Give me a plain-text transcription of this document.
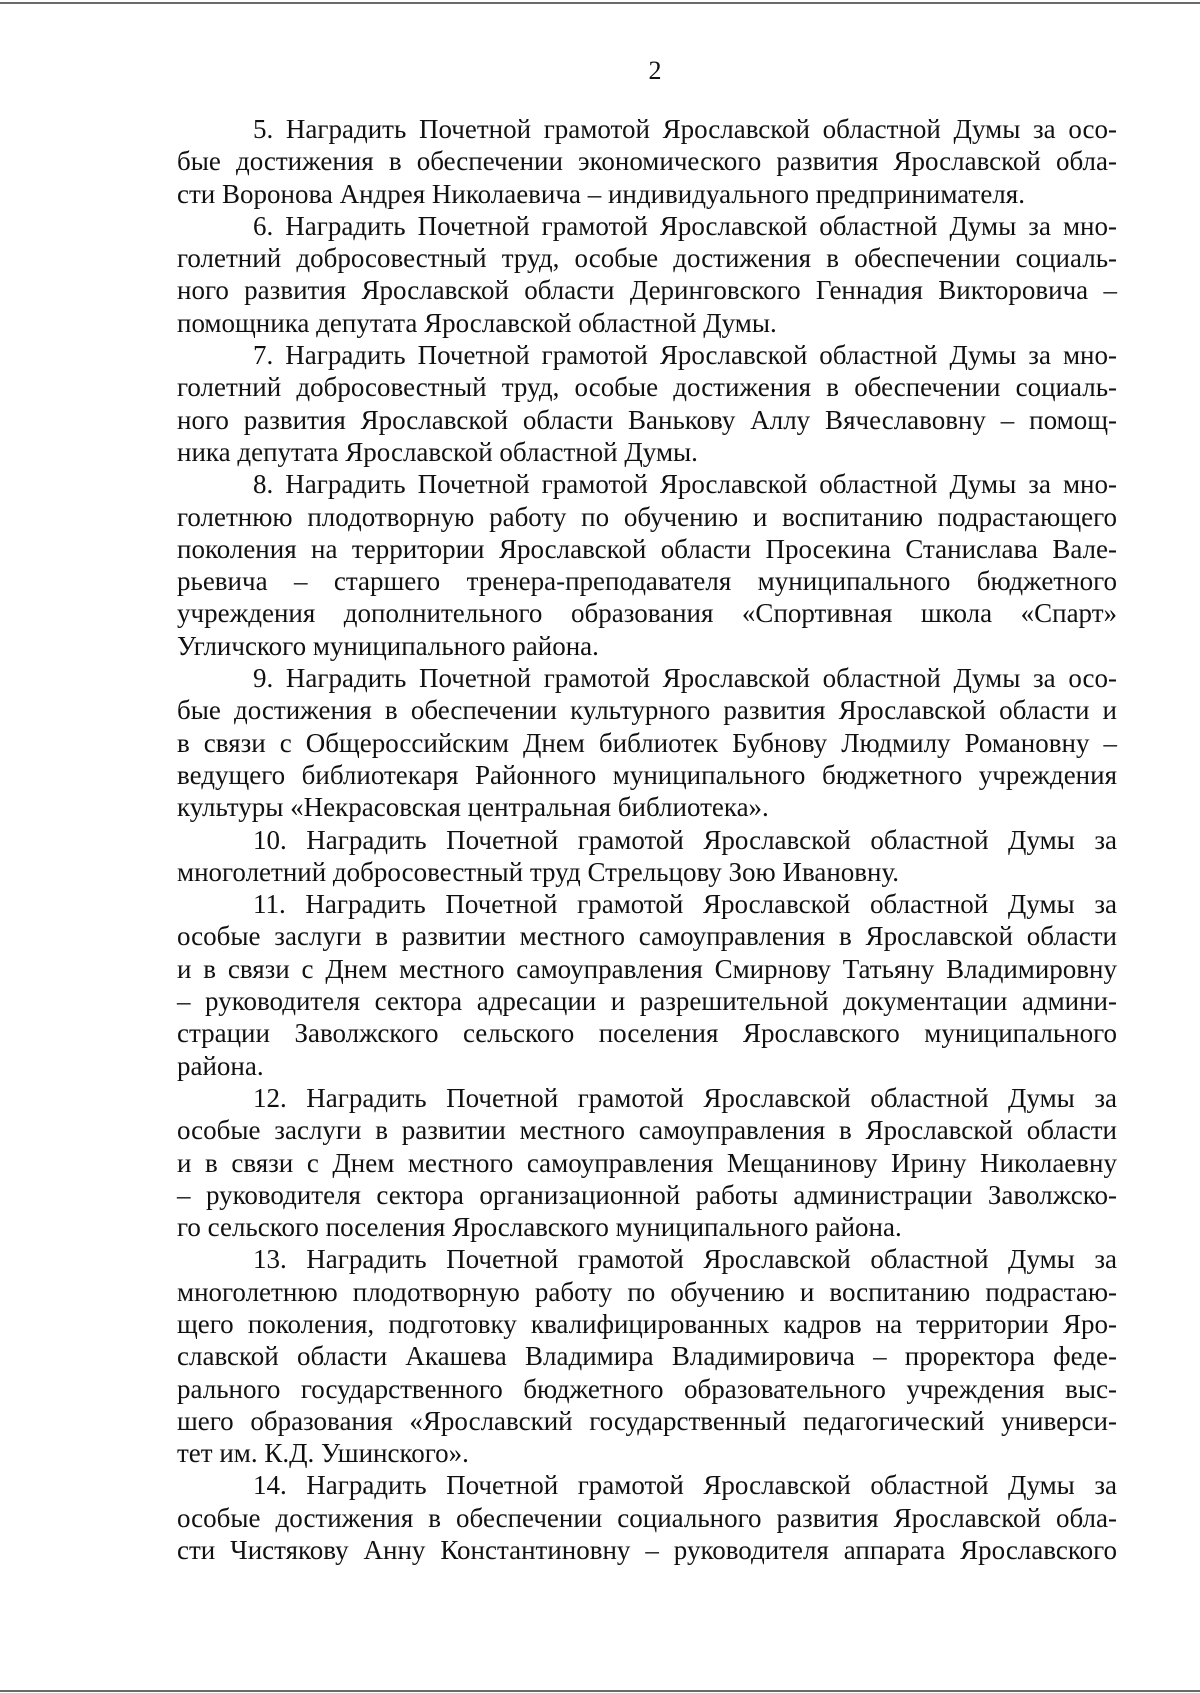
2
5. Наградить Почетной грамотой Ярославской областной Думы за осо-
бые достижения в обеспечении экономического развития Ярославской обла-
сти Воронова Андрея Николаевича – индивидуального предпринимателя.
6. Наградить Почетной грамотой Ярославской областной Думы за мно-
голетний добросовестный труд, особые достижения в обеспечении социаль-
ного развития Ярославской области Деринговского Геннадия Викторовича –
помощника депутата Ярославской областной Думы.
7. Наградить Почетной грамотой Ярославской областной Думы за мно-
голетний добросовестный труд, особые достижения в обеспечении социаль-
ного развития Ярославской области Ванькову Аллу Вячеславовну – помощ-
ника депутата Ярославской областной Думы.
8. Наградить Почетной грамотой Ярославской областной Думы за мно-
голетнюю плодотворную работу по обучению и воспитанию подрастающего
поколения на территории Ярославской области Просекина Станислава Вале-
рьевича – старшего тренера-преподавателя муниципального бюджетного
учреждения дополнительного образования «Спортивная школа «Спарт»
Угличского муниципального района.
9. Наградить Почетной грамотой Ярославской областной Думы за осо-
бые достижения в обеспечении культурного развития Ярославской области и
в связи с Общероссийским Днем библиотек Бубнову Людмилу Романовну –
ведущего библиотекаря Районного муниципального бюджетного учреждения
культуры «Некрасовская центральная библиотека».
10. Наградить Почетной грамотой Ярославской областной Думы за
многолетний добросовестный труд Стрельцову Зою Ивановну.
11. Наградить Почетной грамотой Ярославской областной Думы за
особые заслуги в развитии местного самоуправления в Ярославской области
и в связи с Днем местного самоуправления Смирнову Татьяну Владимировну
– руководителя сектора адресации и разрешительной документации админи-
страции Заволжского сельского поселения Ярославского муниципального
района.
12. Наградить Почетной грамотой Ярославской областной Думы за
особые заслуги в развитии местного самоуправления в Ярославской области
и в связи с Днем местного самоуправления Мещанинову Ирину Николаевну
– руководителя сектора организационной работы администрации Заволжско-
го сельского поселения Ярославского муниципального района.
13. Наградить Почетной грамотой Ярославской областной Думы за
многолетнюю плодотворную работу по обучению и воспитанию подрастаю-
щего поколения, подготовку квалифицированных кадров на территории Яро-
славской области Акашева Владимира Владимировича – проректора феде-
рального государственного бюджетного образовательного учреждения выс-
шего образования «Ярославский государственный педагогический универси-
тет им. К.Д. Ушинского».
14. Наградить Почетной грамотой Ярославской областной Думы за
особые достижения в обеспечении социального развития Ярославской обла-
сти Чистякову Анну Константиновну – руководителя аппарата Ярославского
